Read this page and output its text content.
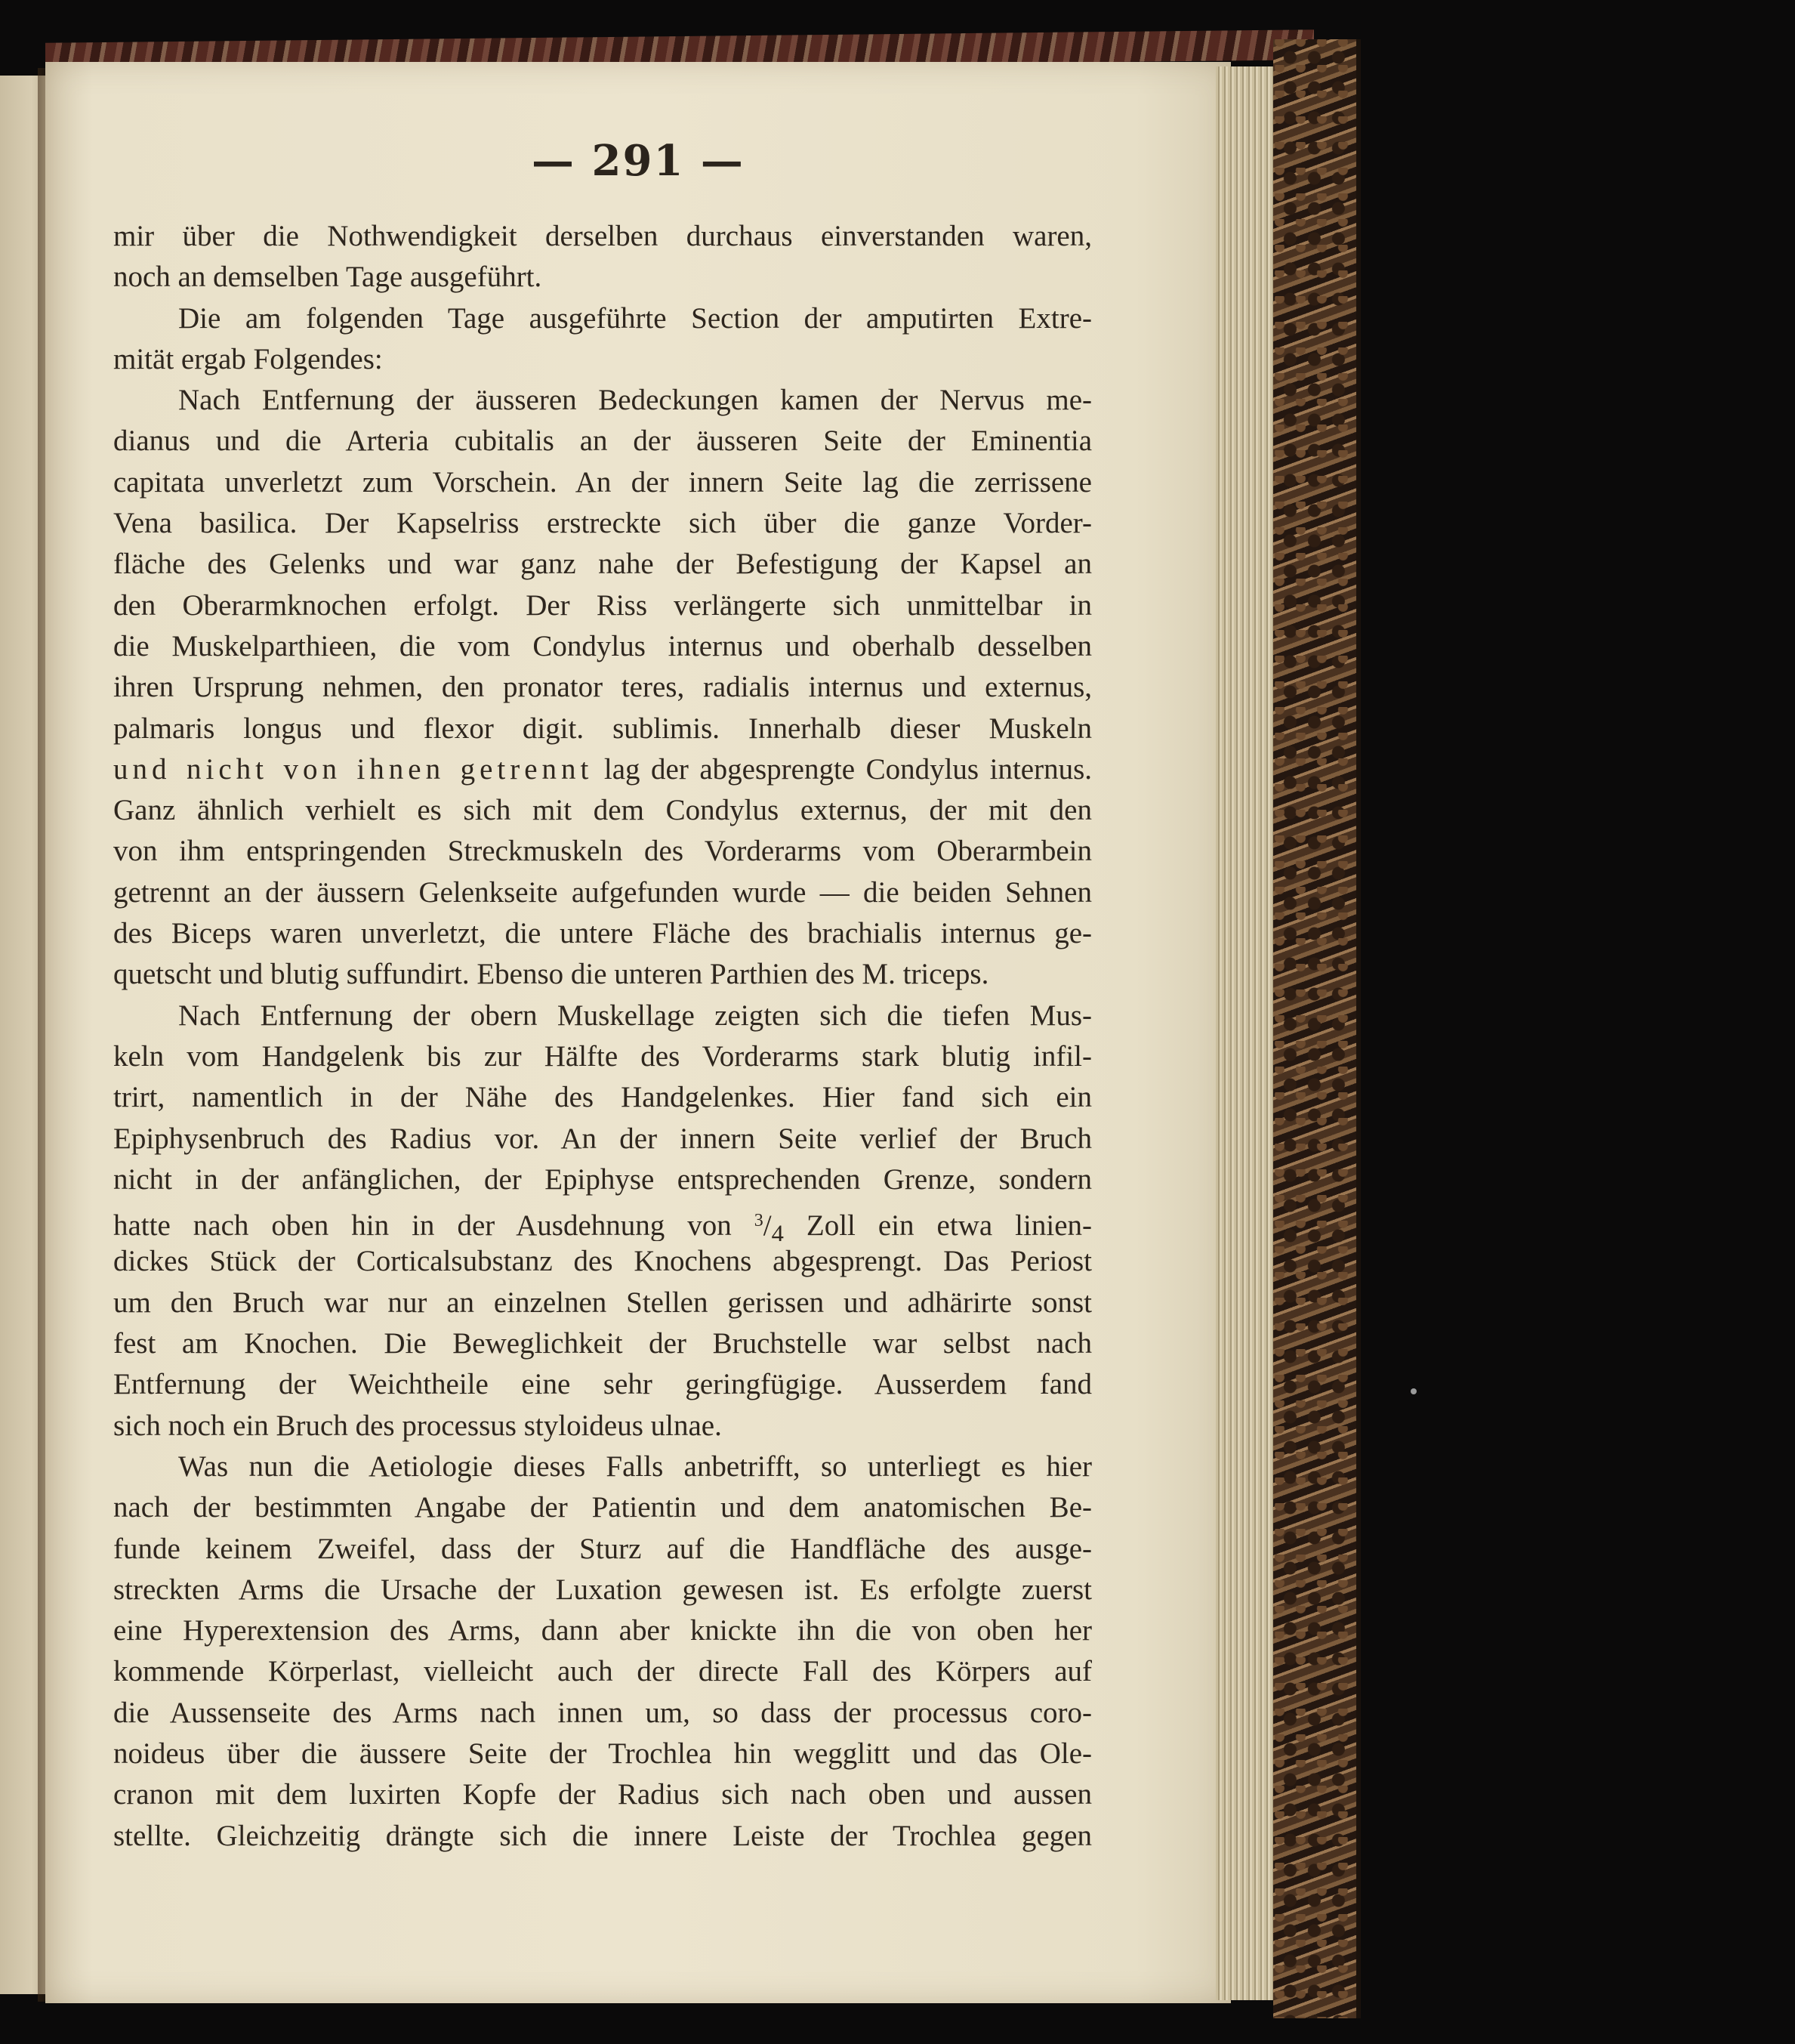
— 291 —
mir über die Nothwendigkeit derselben durchaus einverstanden waren,
noch an demselben Tage ausgeführt.
Die am folgenden Tage ausgeführte Section der amputirten Extre-
mität ergab Folgendes:
Nach Entfernung der äusseren Bedeckungen kamen der Nervus me-
dianus und die Arteria cubitalis an der äusseren Seite der Eminentia
capitata unverletzt zum Vorschein. An der innern Seite lag die zerrissene
Vena basilica. Der Kapselriss erstreckte sich über die ganze Vorder-
fläche des Gelenks und war ganz nahe der Befestigung der Kapsel an
den Oberarmknochen erfolgt. Der Riss verlängerte sich unmittelbar in
die Muskelparthieen, die vom Condylus internus und oberhalb desselben
ihren Ursprung nehmen, den pronator teres, radialis internus und externus,
palmaris longus und flexor digit. sublimis. Innerhalb dieser Muskeln
und nicht von ihnen getrennt lag der abgesprengte Condylus internus.
Ganz ähnlich verhielt es sich mit dem Condylus externus, der mit den
von ihm entspringenden Streckmuskeln des Vorderarms vom Oberarmbein
getrennt an der äussern Gelenkseite aufgefunden wurde — die beiden Sehnen
des Biceps waren unverletzt, die untere Fläche des brachialis internus ge-
quetscht und blutig suffundirt. Ebenso die unteren Parthien des M. triceps.
Nach Entfernung der obern Muskellage zeigten sich die tiefen Mus-
keln vom Handgelenk bis zur Hälfte des Vorderarms stark blutig infil-
trirt, namentlich in der Nähe des Handgelenkes. Hier fand sich ein
Epiphysenbruch des Radius vor. An der innern Seite verlief der Bruch
nicht in der anfänglichen, der Epiphyse entsprechenden Grenze, sondern
hatte nach oben hin in der Ausdehnung von $^3/_4$ Zoll ein etwa linien-
dickes Stück der Corticalsubstanz des Knochens abgesprengt. Das Periost
um den Bruch war nur an einzelnen Stellen gerissen und adhärirte sonst
fest am Knochen. Die Beweglichkeit der Bruchstelle war selbst nach
Entfernung der Weichtheile eine sehr geringfügige. Ausserdem fand
sich noch ein Bruch des processus styloideus ulnae.
Was nun die Aetiologie dieses Falls anbetrifft, so unterliegt es hier
nach der bestimmten Angabe der Patientin und dem anatomischen Be-
funde keinem Zweifel, dass der Sturz auf die Handfläche des ausge-
streckten Arms die Ursache der Luxation gewesen ist. Es erfolgte zuerst
eine Hyperextension des Arms, dann aber knickte ihn die von oben her
kommende Körperlast, vielleicht auch der directe Fall des Körpers auf
die Aussenseite des Arms nach innen um, so dass der processus coro-
noideus über die äussere Seite der Trochlea hin wegglitt und das Ole-
cranon mit dem luxirten Kopfe der Radius sich nach oben und aussen
stellte. Gleichzeitig drängte sich die innere Leiste der Trochlea gegen
